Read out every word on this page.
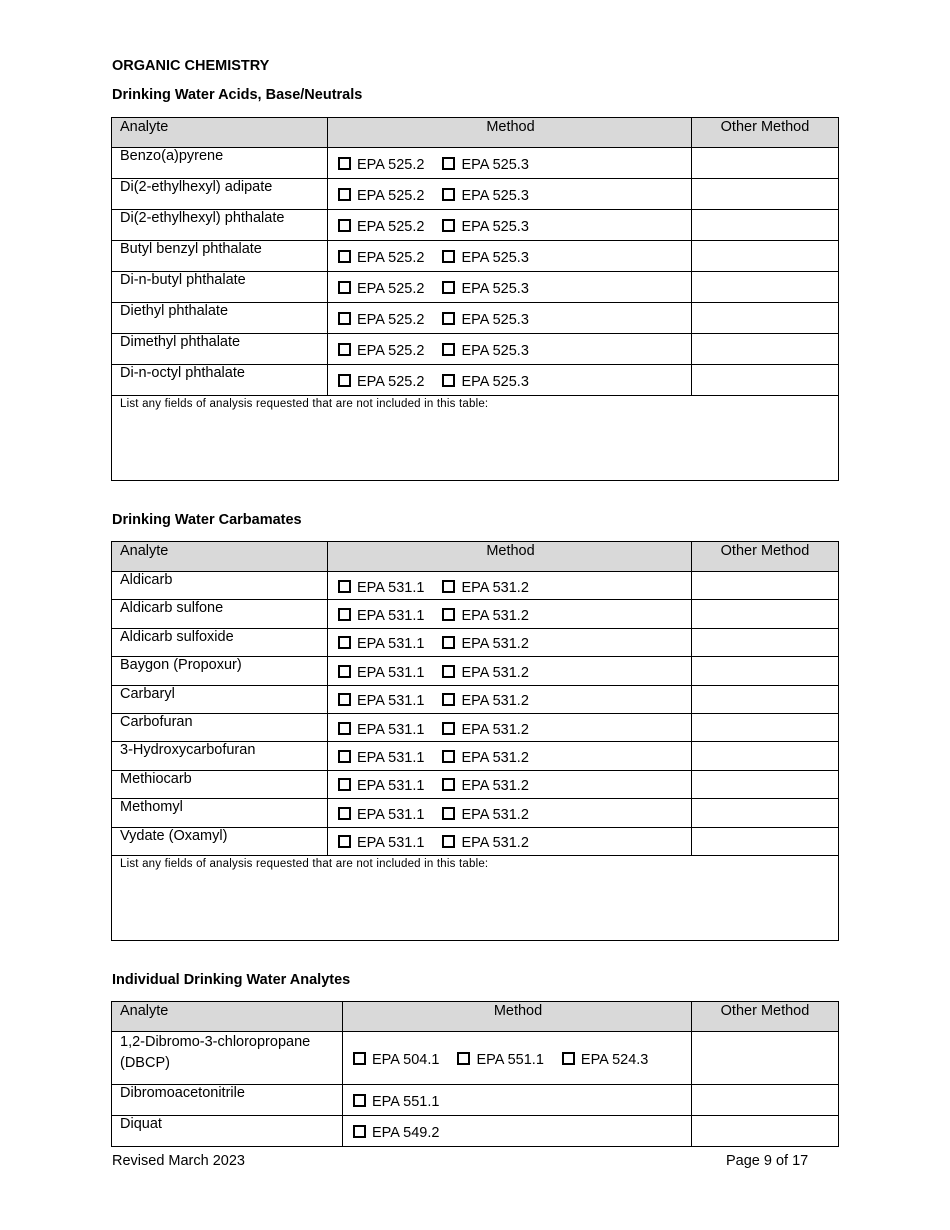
ORGANIC CHEMISTRY
Drinking Water Acids, Base/Neutrals
Analyte	Method	Other Method
Benzo(a)pyrene	EPA 525.2 EPA 525.3	
Di(2-ethylhexyl) adipate	EPA 525.2 EPA 525.3	
Di(2-ethylhexyl) phthalate	EPA 525.2 EPA 525.3	
Butyl benzyl phthalate	EPA 525.2 EPA 525.3	
Di-n-butyl phthalate	EPA 525.2 EPA 525.3	
Diethyl phthalate	EPA 525.2 EPA 525.3	
Dimethyl phthalate	EPA 525.2 EPA 525.3	
Di-n-octyl phthalate	EPA 525.2 EPA 525.3	
List any fields of analysis requested that are not included in this table:		
Drinking Water Carbamates
Analyte	Method	Other Method
Aldicarb	EPA 531.1 EPA 531.2	
Aldicarb sulfone	EPA 531.1 EPA 531.2	
Aldicarb sulfoxide	EPA 531.1 EPA 531.2	
Baygon (Propoxur)	EPA 531.1 EPA 531.2	
Carbaryl	EPA 531.1 EPA 531.2	
Carbofuran	EPA 531.1 EPA 531.2	
3-Hydroxycarbofuran	EPA 531.1 EPA 531.2	
Methiocarb	EPA 531.1 EPA 531.2	
Methomyl	EPA 531.1 EPA 531.2	
Vydate (Oxamyl)	EPA 531.1 EPA 531.2	
List any fields of analysis requested that are not included in this table:		
Individual Drinking Water Analytes
Analyte	Method	Other Method
1,2-Dibromo-3-chloropropane (DBCP)	EPA 504.1 EPA 551.1 EPA 524.3	
Dibromoacetonitrile	EPA 551.1	
Diquat	EPA 549.2	
Revised March 2023	Page 9 of 17
